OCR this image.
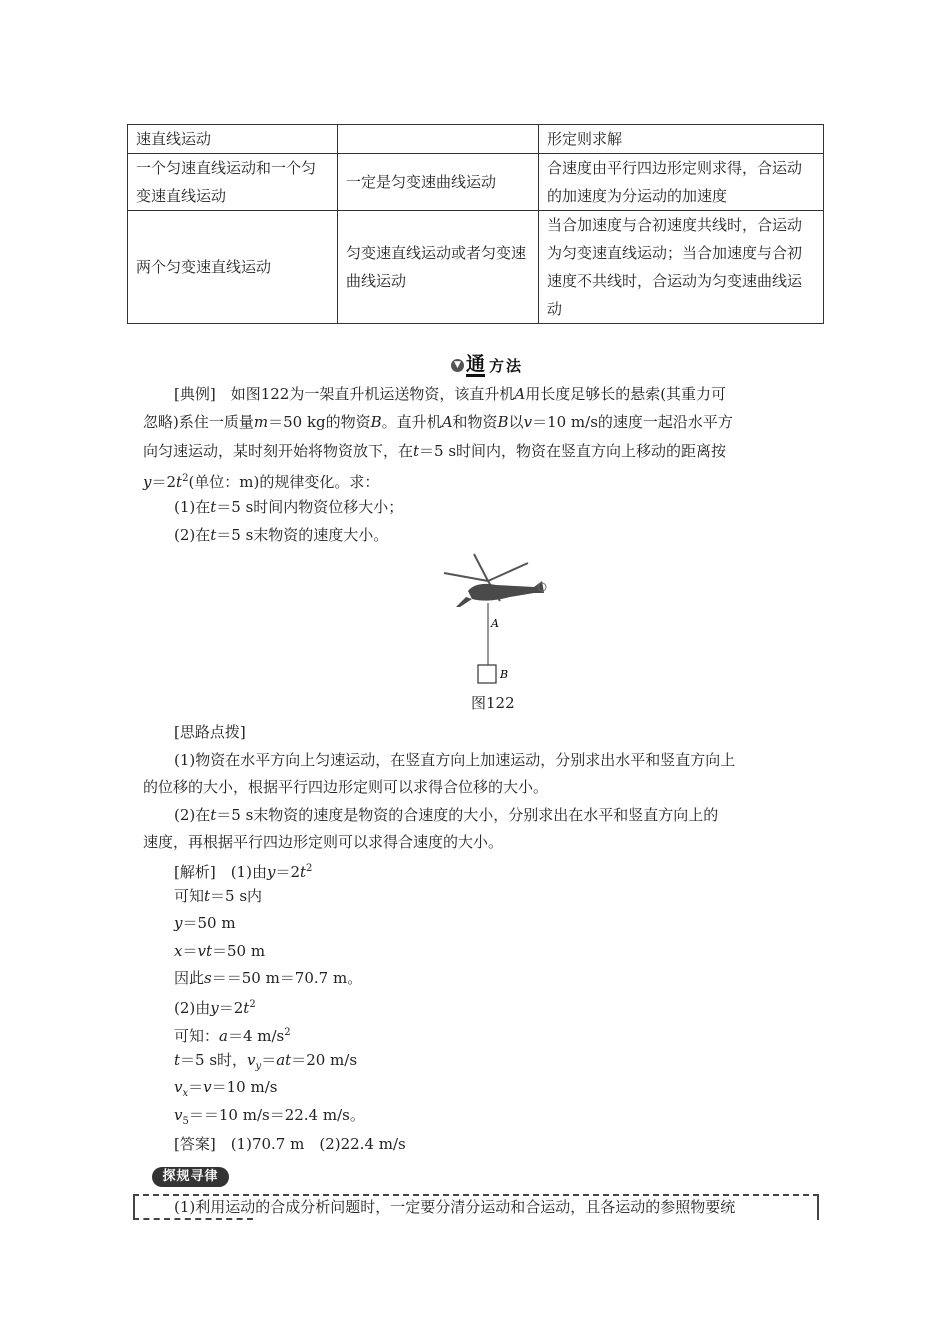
速直线运动		形定则求解
一个匀速直线运动和一个匀变速直线运动	一定是匀变速曲线运动	合速度由平行四边形定则求得，合运动的加速度为分运动的加速度
两个匀变速直线运动	匀变速直线运动或者匀变速曲线运动	当合加速度与合初速度共线时，合运动为匀变速直线运动；当合加速度与合初速度不共线时，合运动为匀变速曲线运动
▼ 通 方法
[典例]　如图122为一架直升机运送物资，该直升机A用长度足够长的悬索(其重力可
忽略)系住一质量m＝50 kg的物资B。直升机A和物资B以v＝10 m/s的速度一起沿水平方
向匀速运动，某时刻开始将物资放下，在t＝5 s时间内，物资在竖直方向上移动的距离按
$y=2t^2$(单位：m)的规律变化。求：
(1)在t＝5 s时间内物资位移大小；
(2)在t＝5 s末物资的速度大小。
A
B
图122
[思路点拨]
(1)物资在水平方向上匀速运动，在竖直方向上加速运动，分别求出水平和竖直方向上
的位移的大小，根据平行四边形定则可以求得合位移的大小。
(2)在t＝5 s末物资的速度是物资的合速度的大小，分别求出在水平和竖直方向上的
速度，再根据平行四边形定则可以求得合速度的大小。
[解析]　(1)由$y=2t^2$
可知t＝5 s内
y＝50 m
x＝vt＝50 m
因此s＝＝50 m＝70.7 m。
(2)由$y=2t^2$
可知：a＝4 $m/s^2$
t＝5 s时，$v_y=at=20$ m/s
$v_x=v=10$ m/s
$v_5==10$ m/s＝22.4 m/s。
[答案]　(1)70.7 m　(2)22.4 m/s
探规寻律
(1)利用运动的合成分析问题时，一定要分清分运动和合运动，且各运动的参照物要统
